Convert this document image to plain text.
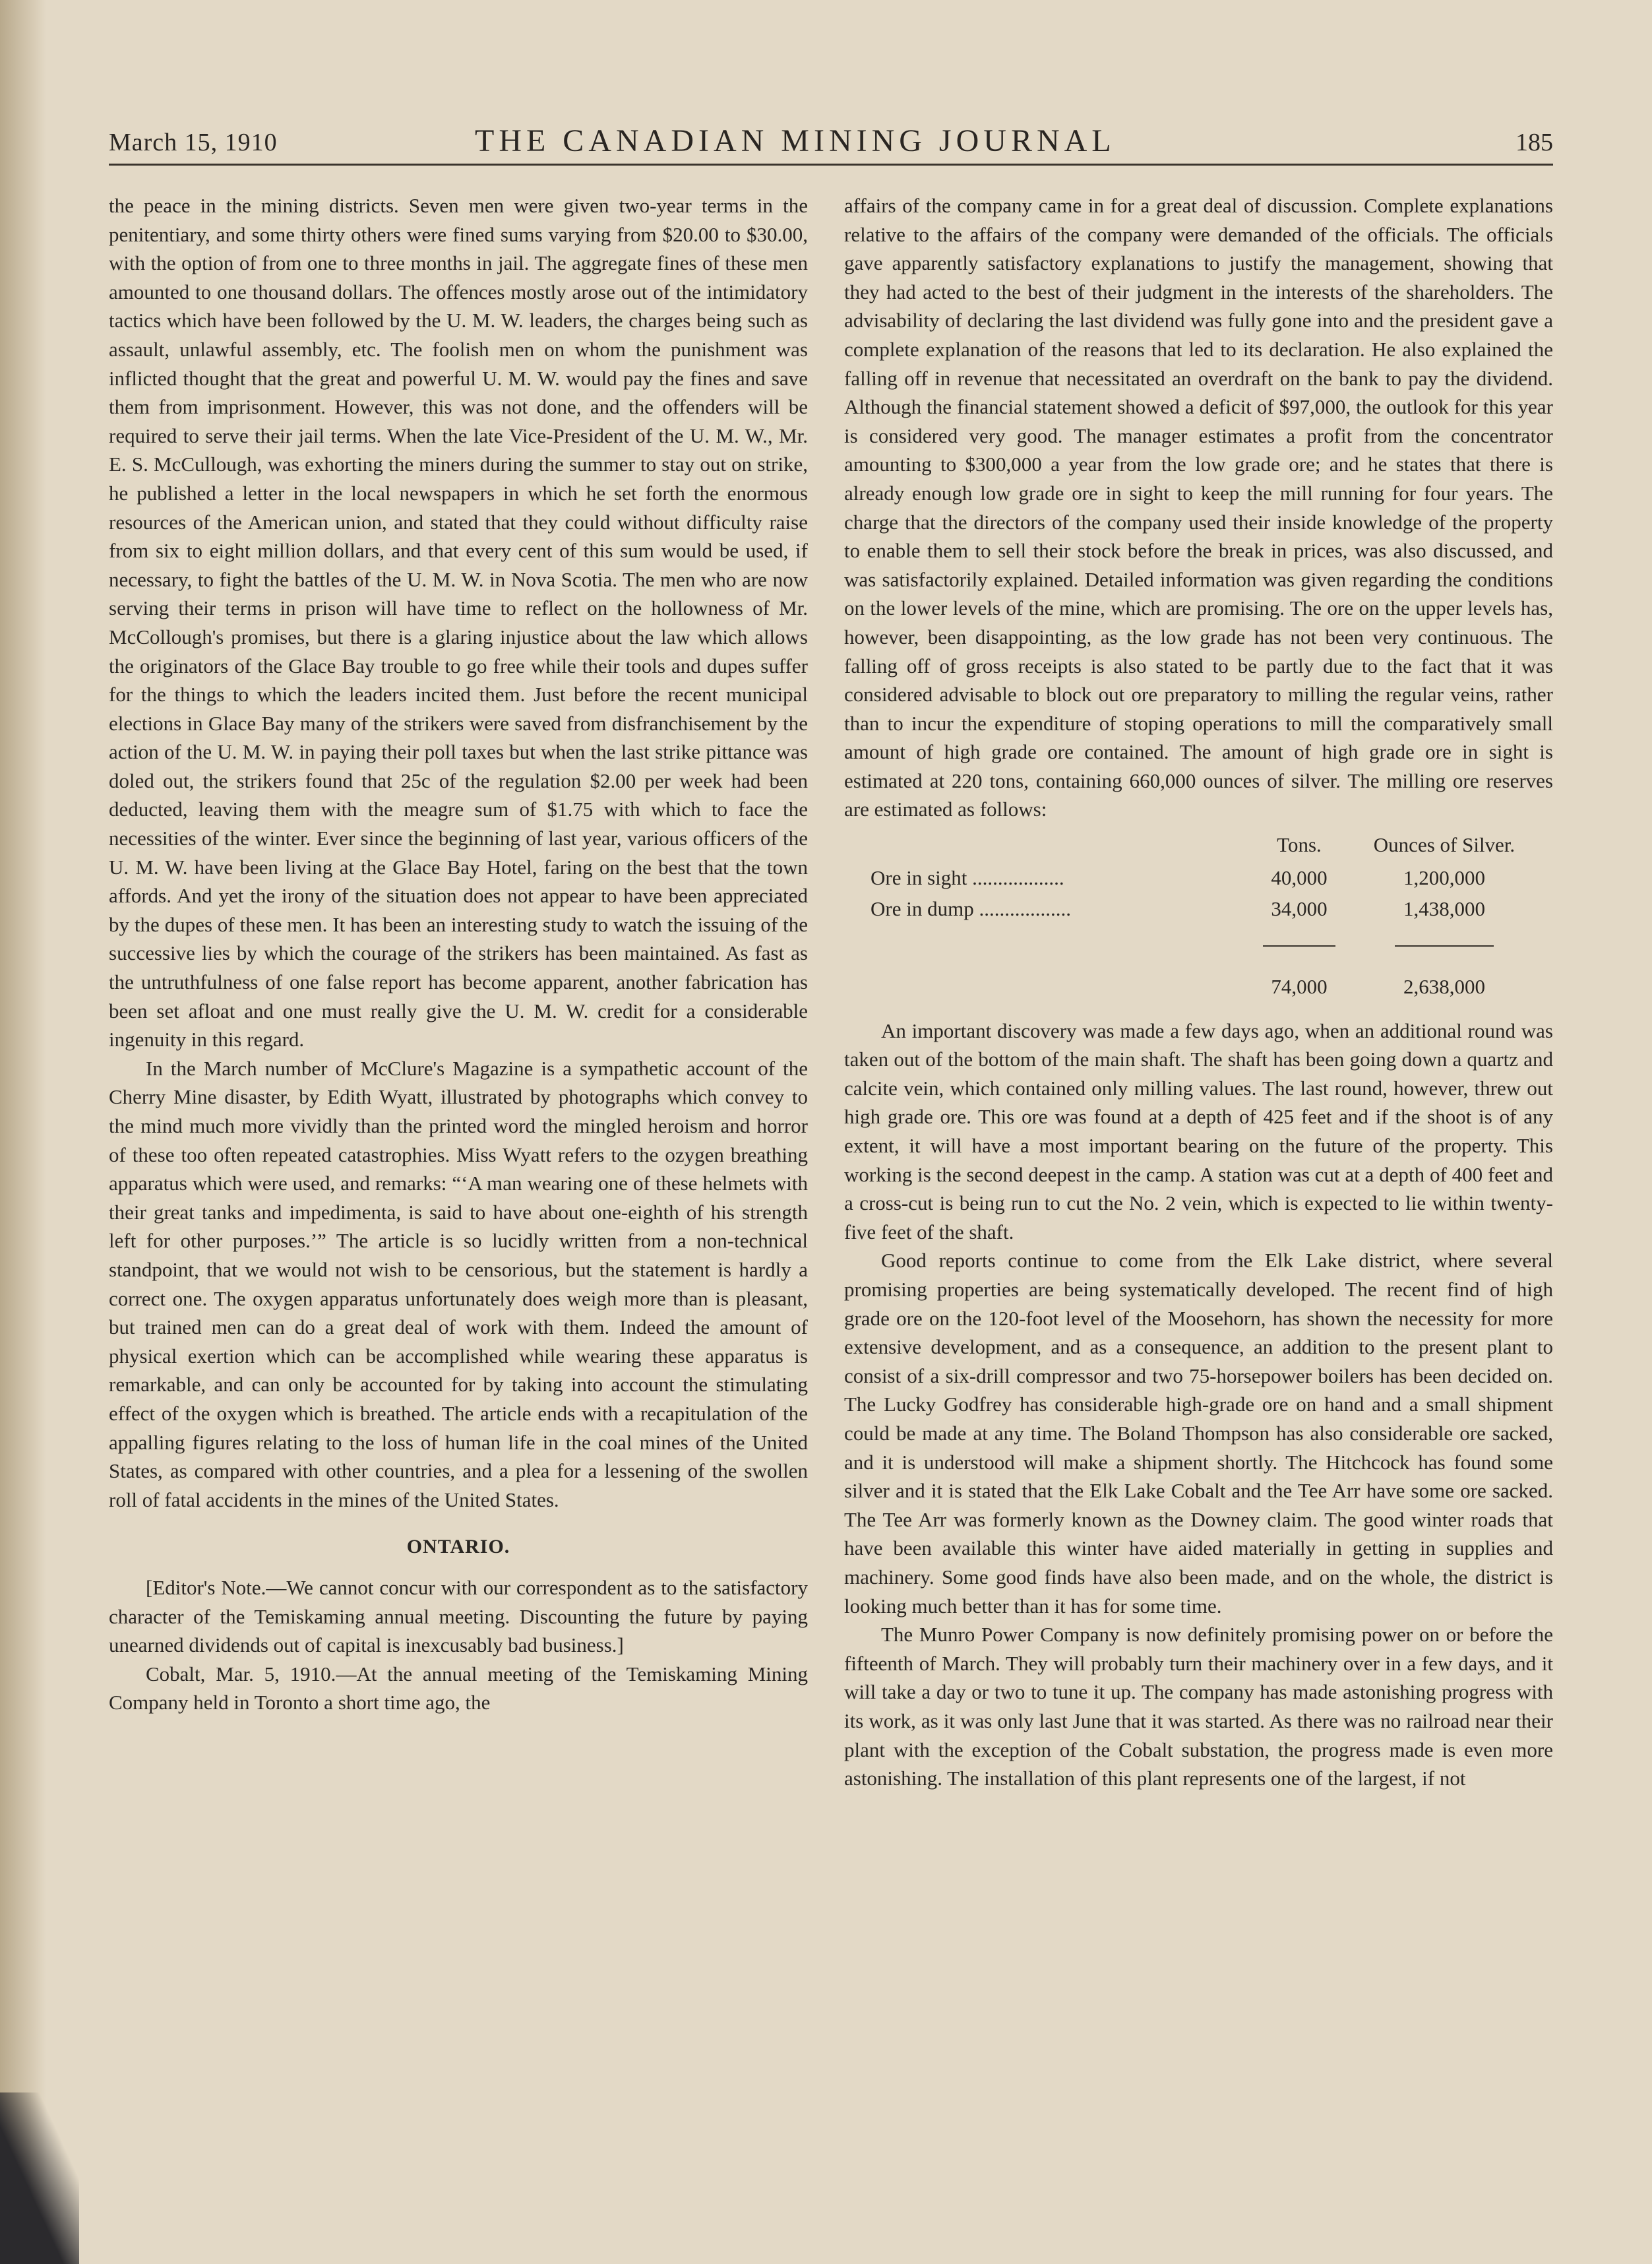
March 15, 1910	THE CANADIAN MINING JOURNAL	185

the peace in the mining districts. Seven men were given two-year terms in the penitentiary, and some thirty others were fined sums varying from $20.00 to $30.00, with the option of from one to three months in jail. The aggregate fines of these men amounted to one thousand dollars. The offences mostly arose out of the intimidatory tactics which have been followed by the U. M. W. leaders, the charges being such as assault, unlawful assembly, etc. The foolish men on whom the punishment was inflicted thought that the great and powerful U. M. W. would pay the fines and save them from imprisonment. However, this was not done, and the offenders will be required to serve their jail terms. When the late Vice-President of the U. M. W., Mr. E. S. McCullough, was exhorting the miners during the summer to stay out on strike, he published a letter in the local newspapers in which he set forth the enormous resources of the American union, and stated that they could without difficulty raise from six to eight million dollars, and that every cent of this sum would be used, if necessary, to fight the battles of the U. M. W. in Nova Scotia. The men who are now serving their terms in prison will have time to reflect on the hollowness of Mr. McCollough's promises, but there is a glaring injustice about the law which allows the originators of the Glace Bay trouble to go free while their tools and dupes suffer for the things to which the leaders incited them. Just before the recent municipal elections in Glace Bay many of the strikers were saved from disfranchisement by the action of the U. M. W. in paying their poll taxes but when the last strike pittance was doled out, the strikers found that 25c of the regulation $2.00 per week had been deducted, leaving them with the meagre sum of $1.75 with which to face the necessities of the winter. Ever since the beginning of last year, various officers of the U. M. W. have been living at the Glace Bay Hotel, faring on the best that the town affords. And yet the irony of the situation does not appear to have been appreciated by the dupes of these men. It has been an interesting study to watch the issuing of the successive lies by which the courage of the strikers has been maintained. As fast as the untruthfulness of one false report has become apparent, another fabrication has been set afloat and one must really give the U. M. W. credit for a considerable ingenuity in this regard.

In the March number of McClure's Magazine is a sympathetic account of the Cherry Mine disaster, by Edith Wyatt, illustrated by photographs which convey to the mind much more vividly than the printed word the mingled heroism and horror of these too often repeated catastrophies. Miss Wyatt refers to the ozygen breathing apparatus which were used, and remarks: “‘A man wearing one of these helmets with their great tanks and impedimenta, is said to have about one-eighth of his strength left for other purposes.’” The article is so lucidly written from a non-technical standpoint, that we would not wish to be censorious, but the statement is hardly a correct one. The oxygen apparatus unfortunately does weigh more than is pleasant, but trained men can do a great deal of work with them. Indeed the amount of physical exertion which can be accomplished while wearing these apparatus is remarkable, and can only be accounted for by taking into account the stimulating effect of the oxygen which is breathed. The article ends with a recapitulation of the appalling figures relating to the loss of human life in the coal mines of the United States, as compared with other countries, and a plea for a lessening of the swollen roll of fatal accidents in the mines of the United States.

ONTARIO.

[Editor's Note.—We cannot concur with our correspondent as to the satisfactory character of the Temiskaming annual meeting. Discounting the future by paying unearned dividends out of capital is inexcusably bad business.]

Cobalt, Mar. 5, 1910.—At the annual meeting of the Temiskaming Mining Company held in Toronto a short time ago, the

affairs of the company came in for a great deal of discussion. Complete explanations relative to the affairs of the company were demanded of the officials. The officials gave apparently satisfactory explanations to justify the management, showing that they had acted to the best of their judgment in the interests of the shareholders. The advisability of declaring the last dividend was fully gone into and the president gave a complete explanation of the reasons that led to its declaration. He also explained the falling off in revenue that necessitated an overdraft on the bank to pay the dividend. Although the financial statement showed a deficit of $97,000, the outlook for this year is considered very good. The manager estimates a profit from the concentrator amounting to $300,000 a year from the low grade ore; and he states that there is already enough low grade ore in sight to keep the mill running for four years. The charge that the directors of the company used their inside knowledge of the property to enable them to sell their stock before the break in prices, was also discussed, and was satisfactorily explained. Detailed information was given regarding the conditions on the lower levels of the mine, which are promising. The ore on the upper levels has, however, been disappointing, as the low grade has not been very continuous. The falling off of gross receipts is also stated to be partly due to the fact that it was considered advisable to block out ore preparatory to milling the regular veins, rather than to incur the expenditure of stoping operations to mill the comparatively small amount of high grade ore contained. The amount of high grade ore in sight is estimated at 220 tons, containing 660,000 ounces of silver. The milling ore reserves are estimated as follows:

	Tons.	Ounces of Silver.
Ore in sight ..................	40,000	1,200,000
Ore in dump ..................	34,000	1,438,000

	74,000	2,638,000

An important discovery was made a few days ago, when an additional round was taken out of the bottom of the main shaft. The shaft has been going down a quartz and calcite vein, which contained only milling values. The last round, however, threw out high grade ore. This ore was found at a depth of 425 feet and if the shoot is of any extent, it will have a most important bearing on the future of the property. This working is the second deepest in the camp. A station was cut at a depth of 400 feet and a cross-cut is being run to cut the No. 2 vein, which is expected to lie within twenty-five feet of the shaft.

Good reports continue to come from the Elk Lake district, where several promising properties are being systematically developed. The recent find of high grade ore on the 120-foot level of the Moosehorn, has shown the necessity for more extensive development, and as a consequence, an addition to the present plant to consist of a six-drill compressor and two 75-horsepower boilers has been decided on. The Lucky Godfrey has considerable high-grade ore on hand and a small shipment could be made at any time. The Boland Thompson has also considerable ore sacked, and it is understood will make a shipment shortly. The Hitchcock has found some silver and it is stated that the Elk Lake Cobalt and the Tee Arr have some ore sacked. The Tee Arr was formerly known as the Downey claim. The good winter roads that have been available this winter have aided materially in getting in supplies and machinery. Some good finds have also been made, and on the whole, the district is looking much better than it has for some time.

The Munro Power Company is now definitely promising power on or before the fifteenth of March. They will probably turn their machinery over in a few days, and it will take a day or two to tune it up. The company has made astonishing progress with its work, as it was only last June that it was started. As there was no railroad near their plant with the exception of the Cobalt substation, the progress made is even more astonishing. The installation of this plant represents one of the largest, if not
